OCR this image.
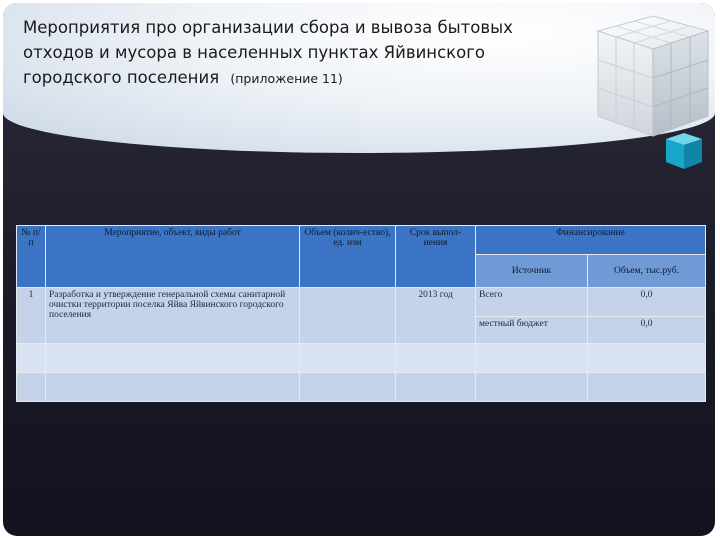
Мероприятия про организации сбора и вывоза бытовых отходов и мусора в населенных пунктах Яйвинского городского поселения (приложение 11)
№ п/п	Мероприятие, объект, виды работ	Объем (колич-ество), ед. изм	Срок выпол-нения	Финансирование	
				Источник	Объем, тыс.руб.
1	Разработка и утверждение генеральной схемы санитарной очистки территории поселка Яйва Яйвинского городского поселения		2013 год	Всего	0,0
				местный бюджет	0,0
